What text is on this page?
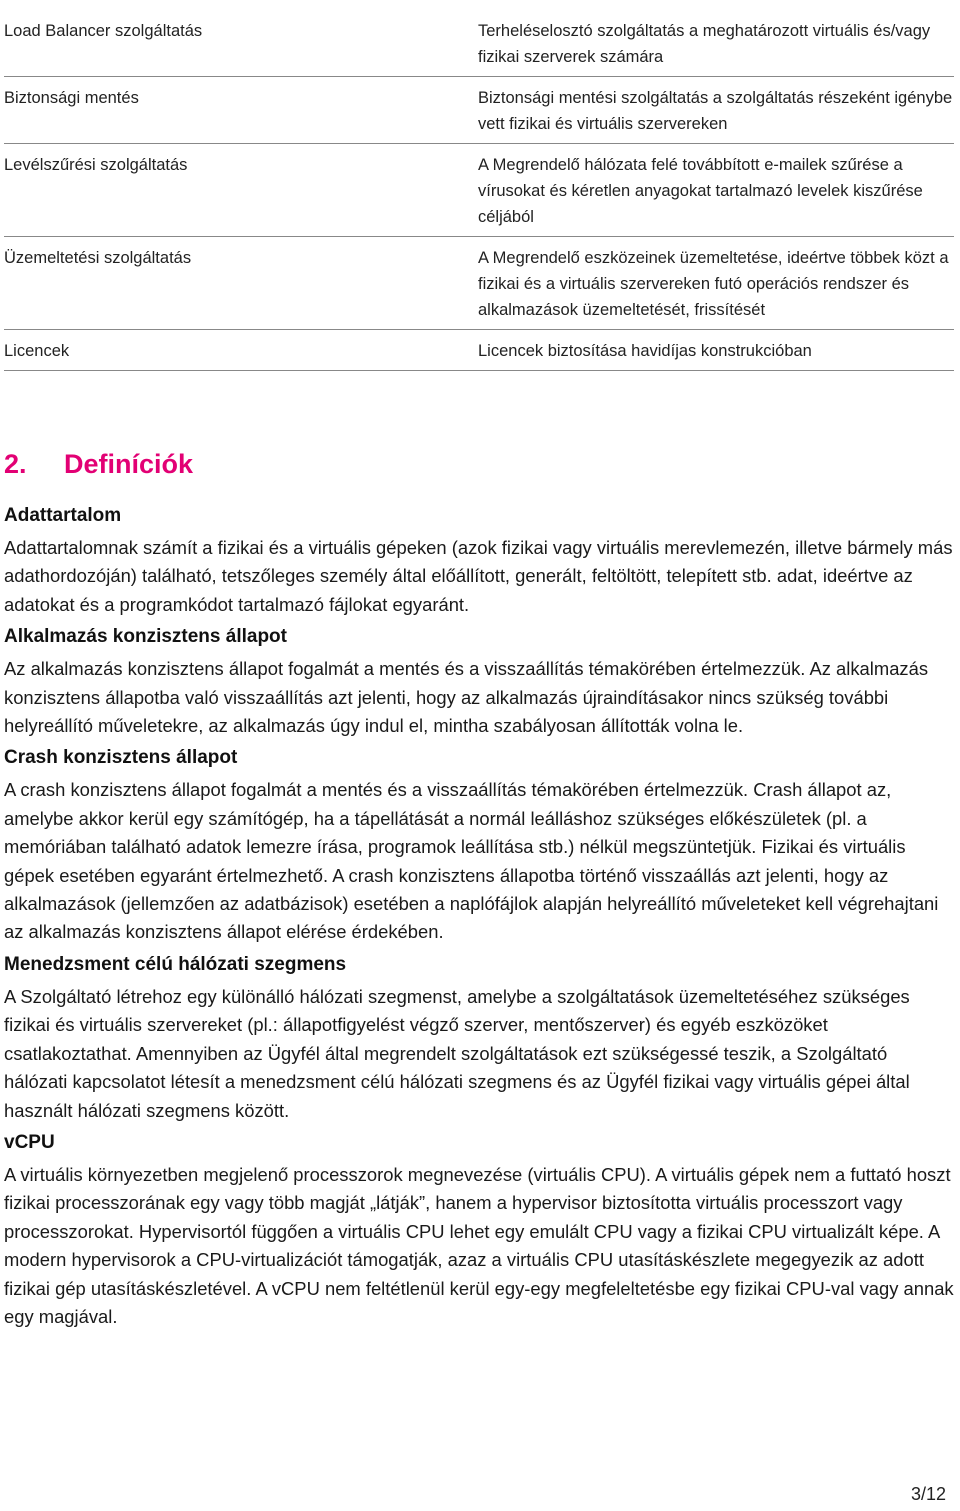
Load Balancer szolgáltatás	Terheléselosztó szolgáltatás a meghatározott virtuális és/vagy fizikai szerverek számára
Biztonsági mentés	Biztonsági mentési szolgáltatás a szolgáltatás részeként igénybe vett fizikai és virtuális szervereken
Levélszűrési szolgáltatás	A Megrendelő hálózata felé továbbított e-mailek szűrése a vírusokat és kéretlen anyagokat tartalmazó levelek kiszűrése céljából
Üzemeltetési szolgáltatás	A Megrendelő eszközeinek üzemeltetése, ideértve többek közt a fizikai és a virtuális szervereken futó operációs rendszer és alkalmazások üzemeltetését, frissítését
Licencek	Licencek biztosítása havidíjas konstrukcióban
2. Definíciók
Adattartalom

Adattartalomnak számít a fizikai és a virtuális gépeken (azok fizikai vagy virtuális merevlemezén, illetve bármely más adathordozóján) található, tetszőleges személy által előállított, generált, feltöltött, telepített stb. adat, ideértve az adatokat és a programkódot tartalmazó fájlokat egyaránt.

Alkalmazás konzisztens állapot

Az alkalmazás konzisztens állapot fogalmát a mentés és a visszaállítás témakörében értelmezzük. Az alkalmazás konzisztens állapotba való visszaállítás azt jelenti, hogy az alkalmazás újraindításakor nincs szükség további helyreállító műveletekre, az alkalmazás úgy indul el, mintha szabályosan állították volna le.

Crash konzisztens állapot

A crash konzisztens állapot fogalmát a mentés és a visszaállítás témakörében értelmezzük. Crash állapot az, amelybe akkor kerül egy számítógép, ha a tápellátását a normál leálláshoz szükséges előkészületek (pl. a memóriában található adatok lemezre írása, programok leállítása stb.) nélkül megszüntetjük. Fizikai és virtuális gépek esetében egyaránt értelmezhető. A crash konzisztens állapotba történő visszaállás azt jelenti, hogy az alkalmazások (jellemzően az adatbázisok) esetében a naplófájlok alapján helyreállító műveleteket kell végrehajtani az alkalmazás konzisztens állapot elérése érdekében.

Menedzsment célú hálózati szegmens

A Szolgáltató létrehoz egy különálló hálózati szegmenst, amelybe a szolgáltatások üzemeltetéséhez szükséges fizikai és virtuális szervereket (pl.: állapotfigyelést végző szerver, mentőszerver) és egyéb eszközöket csatlakoztathat. Amennyiben az Ügyfél által megrendelt szolgáltatások ezt szükségessé teszik, a Szolgáltató hálózati kapcsolatot létesít a menedzsment célú hálózati szegmens és az Ügyfél fizikai vagy virtuális gépei által használt hálózati szegmens között.

vCPU

A virtuális környezetben megjelenő processzorok megnevezése (virtuális CPU). A virtuális gépek nem a futtató hoszt fizikai processzorának egy vagy több magját „látják”, hanem a hypervisor biztosította virtuális processzort vagy processzorokat. Hypervisortól függően a virtuális CPU lehet egy emulált CPU vagy a fizikai CPU virtualizált képe. A modern hypervisorok a CPU-virtualizációt támogatják, azaz a virtuális CPU utasításkészlete megegyezik az adott fizikai gép utasításkészletével. A vCPU nem feltétlenül kerül egy-egy megfeleltetésbe egy fizikai CPU-val vagy annak egy magjával.

3/12
